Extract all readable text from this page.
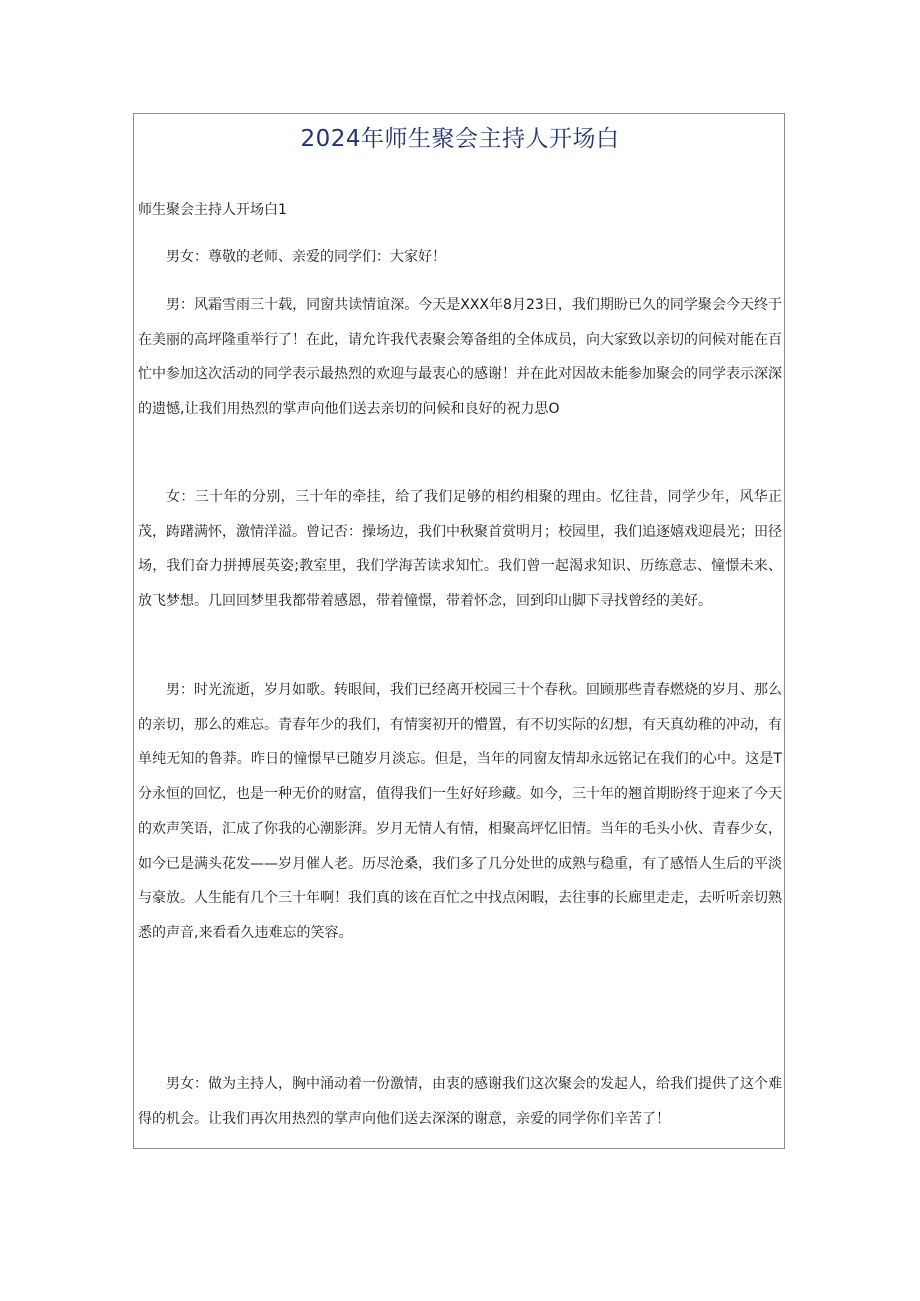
2024年师生聚会主持人开场白
师生聚会主持人开场白1

男女：尊敬的老师、亲爱的同学们：大家好！

男：风霜雪雨三十载，同窗共读情谊深。今天是XXX年8月23日，我们期盼已久的同学聚会今天终于在美丽的高坪隆重举行了！在此，请允许我代表聚会筹备组的全体成员，向大家致以亲切的问候对能在百忙中参加这次活动的同学表示最热烈的欢迎与最衷心的感谢！并在此对因故未能参加聚会的同学表示深深的遗憾,让我们用热烈的掌声向他们送去亲切的问候和良好的祝力思O

女：三十年的分别，三十年的牵挂，给了我们足够的相约相聚的理由。忆往昔，同学少年，风华正茂，踌躇满怀，激情洋溢。曾记否：操场边，我们中秋聚首赏明月；校园里，我们追逐嬉戏迎晨光；田径场，我们奋力拼搏展英姿;教室里，我们学海苦读求知忙。我们曾一起渴求知识、历练意志、憧憬未来、放飞梦想。几回回梦里我都带着感恩，带着憧憬，带着怀念，回到印山脚下寻找曾经的美好。

男：时光流逝，岁月如歌。转眼间，我们已经离开校园三十个春秋。回顾那些青春燃烧的岁月、那么的亲切，那么的难忘。青春年少的我们，有情窦初开的懵置，有不切实际的幻想，有天真幼稚的冲动，有单纯无知的鲁莽。昨日的憧憬早已随岁月淡忘。但是，当年的同窗友情却永远铭记在我们的心中。这是T分永恒的回忆，也是一种无价的财富，值得我们一生好好珍藏。如今，三十年的翘首期盼终于迎来了今天的欢声笑语，汇成了你我的心潮影湃。岁月无情人有情，相聚高坪忆旧情。当年的毛头小伙、青春少女，如今已是满头花发——岁月催人老。历尽沧桑，我们多了几分处世的成熟与稳重，有了感悟人生后的平淡与豪放。人生能有几个三十年啊！我们真的该在百忙之中找点闲暇，去往事的长廊里走走，去听听亲切熟悉的声音,来看看久违难忘的笑容。

男女：做为主持人，胸中涌动着一份激情，由衷的感谢我们这次聚会的发起人，给我们提供了这个难得的机会。让我们再次用热烈的掌声向他们送去深深的谢意，亲爱的同学你们辛苦了！
